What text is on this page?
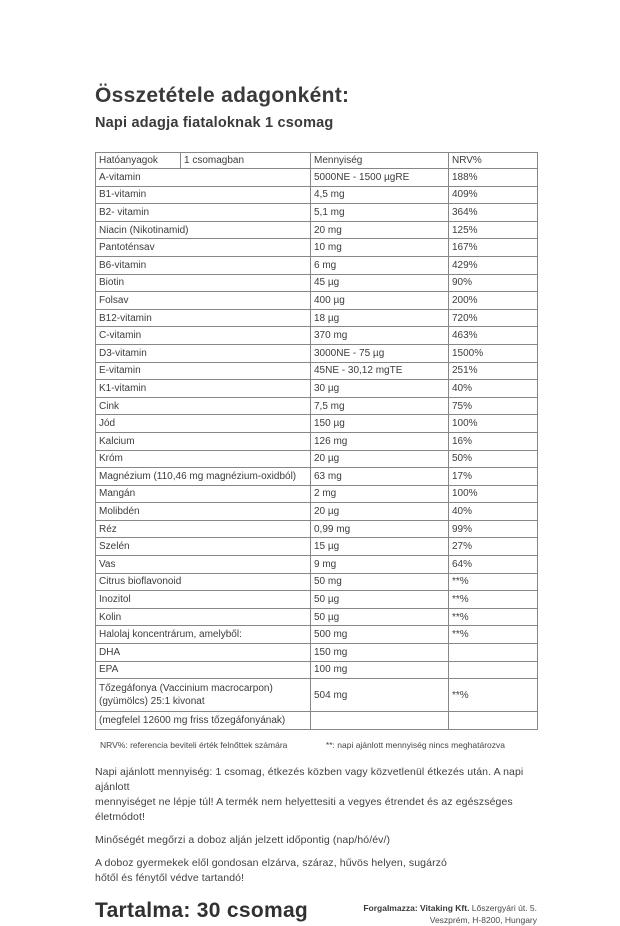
Összetétele adagonként:
Napi adagja fiataloknak 1 csomag
Hatóanyagok	1 csomagban	Mennyiség	NRV%
A-vitamin		5000NE - 1500 µgRE	188%
B1-vitamin		4,5 mg	409%
B2- vitamin		5,1 mg	364%
Niacin (Nikotinamid)		20 mg	125%
Pantoténsav		10 mg	167%
B6-vitamin		6 mg	429%
Biotin		45 µg	90%
Folsav		400 µg	200%
B12-vitamin		18 µg	720%
C-vitamin		370 mg	463%
D3-vitamin		3000NE - 75 µg	1500%
E-vitamin		45NE - 30,12 mgTE	251%
K1-vitamin		30 µg	40%
Cink		7,5 mg	75%
Jód		150 µg	100%
Kalcium		126 mg	16%
Króm		20 µg	50%
Magnézium (110,46 mg magnézium-oxidból)		63 mg	17%
Mangán		2 mg	100%
Molibdén		20 µg	40%
Réz		0,99 mg	99%
Szelén		15 µg	27%
Vas		9 mg	64%
Citrus bioflavonoid		50 mg	**%
Inozitol		50 µg	**%
Kolin		50 µg	**%
Halolaj koncentrárum, amelyből:		500 mg	**%
DHA		150 mg	
EPA		100 mg	
Tőzegáfonya (Vaccinium macrocarpon) (gyümölcs) 25:1 kivonat		504 mg	**%
(megfelel 12600 mg friss tőzegáfonyának)			
NRV%: referencia beviteli érték felnőttek számára	**: napi ajánlott mennyiség nincs meghatározva
Napi ajánlott mennyiség: 1 csomag, étkezés közben vagy közvetlenül étkezés után. A napi ajánlott
mennyiséget ne lépje túl! A termék nem helyettesiti a vegyes étrendet és az egészséges életmódot!
Minőségét megőrzi a doboz alján jelzett időpontig (nap/hó/év/)
A doboz gyermekek elől gondosan elzárva, száraz, hűvös helyen, sugárzó
hőtől és fénytől védve tartandó!
Tartalma: 30 csomag	Forgalmazza: Vitaking Kft. Lőszergyári út. 5.
Veszprém, H-8200, Hungary
